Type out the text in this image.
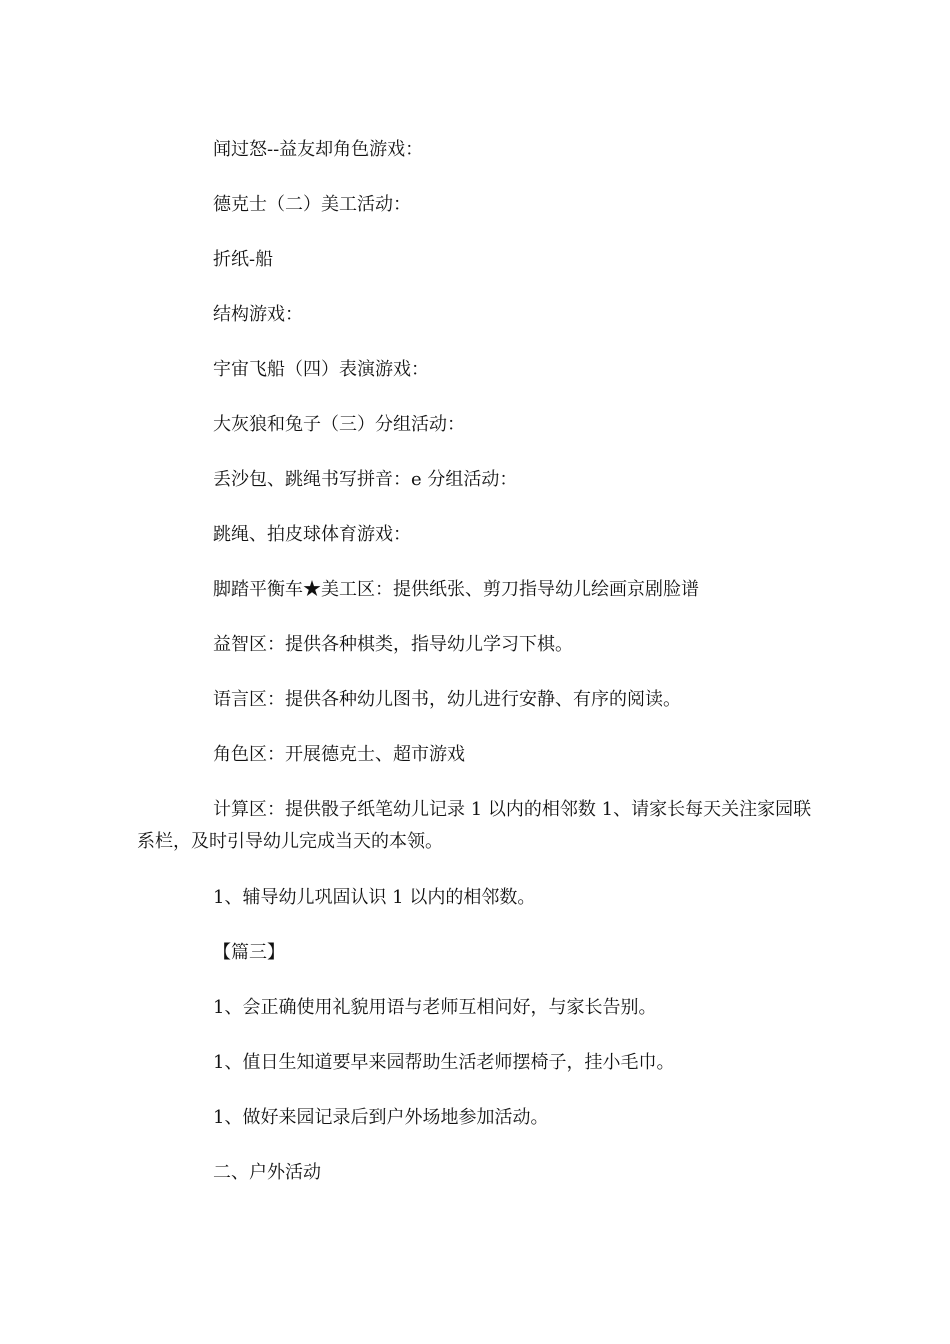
闻过怒--益友却角色游戏：

德克士（二）美工活动：

折纸-船

结构游戏：

宇宙飞船（四）表演游戏：

大灰狼和兔子（三）分组活动：

丢沙包、跳绳书写拼音：e 分组活动：

跳绳、拍皮球体育游戏：

脚踏平衡车★美工区：提供纸张、剪刀指导幼儿绘画京剧脸谱

益智区：提供各种棋类，指导幼儿学习下棋。

语言区：提供各种幼儿图书，幼儿进行安静、有序的阅读。

角色区：开展德克士、超市游戏

计算区：提供骰子纸笔幼儿记录 1 以内的相邻数 1、请家长每天关注家园联系栏，及时引导幼儿完成当天的本领。

1、辅导幼儿巩固认识 1 以内的相邻数。

【篇三】

1、会正确使用礼貌用语与老师互相问好，与家长告别。

1、值日生知道要早来园帮助生活老师摆椅子，挂小毛巾。

1、做好来园记录后到户外场地参加活动。

二、户外活动
